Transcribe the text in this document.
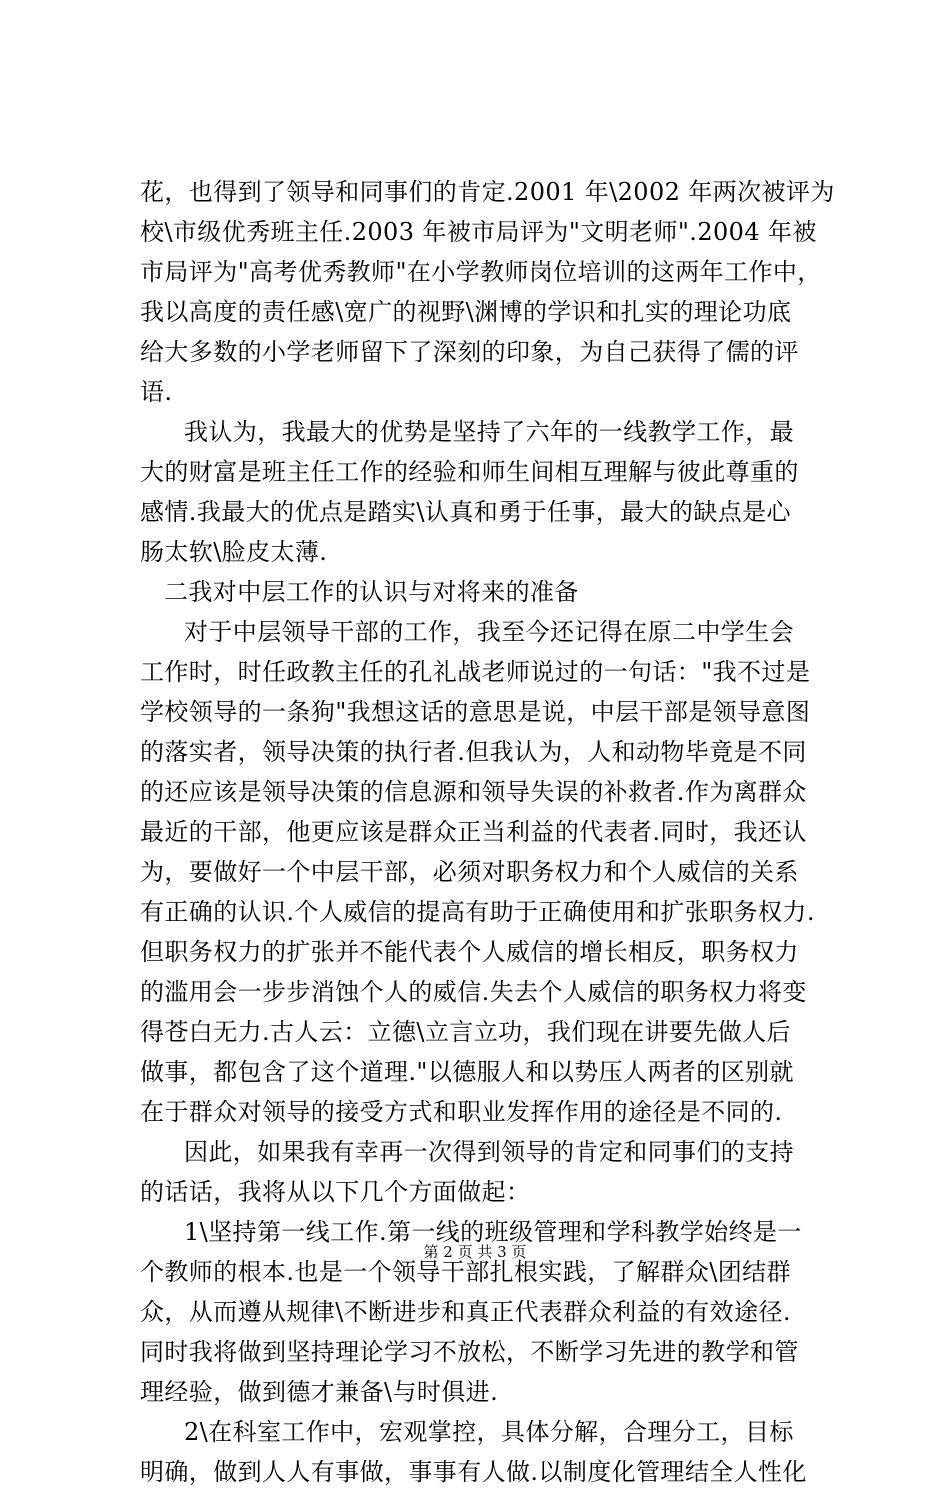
花，也得到了领导和同事们的肯定.2001 年\2002 年两次被评为
校\市级优秀班主任.2003 年被市局评为"文明老师".2004 年被
市局评为"高考优秀教师"在小学教师岗位培训的这两年工作中，
我以高度的责任感\宽广的视野\渊博的学识和扎实的理论功底
给大多数的小学老师留下了深刻的印象，为自己获得了儒的评
语.
我认为，我最大的优势是坚持了六年的一线教学工作，最
大的财富是班主任工作的经验和师生间相互理解与彼此尊重的
感情.我最大的优点是踏实\认真和勇于任事，最大的缺点是心
肠太软\脸皮太薄.
二我对中层工作的认识与对将来的准备
对于中层领导干部的工作，我至今还记得在原二中学生会
工作时，时任政教主任的孔礼战老师说过的一句话："我不过是
学校领导的一条狗"我想这话的意思是说，中层干部是领导意图
的落实者，领导决策的执行者.但我认为，人和动物毕竟是不同
的还应该是领导决策的信息源和领导失误的补救者.作为离群众
最近的干部，他更应该是群众正当利益的代表者.同时，我还认
为，要做好一个中层干部，必须对职务权力和个人威信的关系
有正确的认识.个人威信的提高有助于正确使用和扩张职务权力.
但职务权力的扩张并不能代表个人威信的增长相反，职务权力
的滥用会一步步消蚀个人的威信.失去个人威信的职务权力将变
得苍白无力.古人云：立德\立言立功，我们现在讲要先做人后
做事，都包含了这个道理."以德服人和以势压人两者的区别就
在于群众对领导的接受方式和职业发挥作用的途径是不同的.
因此，如果我有幸再一次得到领导的肯定和同事们的支持
的话话，我将从以下几个方面做起：
1\坚持第一线工作.第一线的班级管理和学科教学始终是一
个教师的根本.也是一个领导干部扎根实践，了解群众\团结群
众，从而遵从规律\不断进步和真正代表群众利益的有效途径.
同时我将做到坚持理论学习不放松，不断学习先进的教学和管
理经验，做到德才兼备\与时俱进.
2\在科室工作中，宏观掌控，具体分解，合理分工，目标
明确，做到人人有事做，事事有人做.以制度化管理结全人性化
第 2 页 共 3 页
